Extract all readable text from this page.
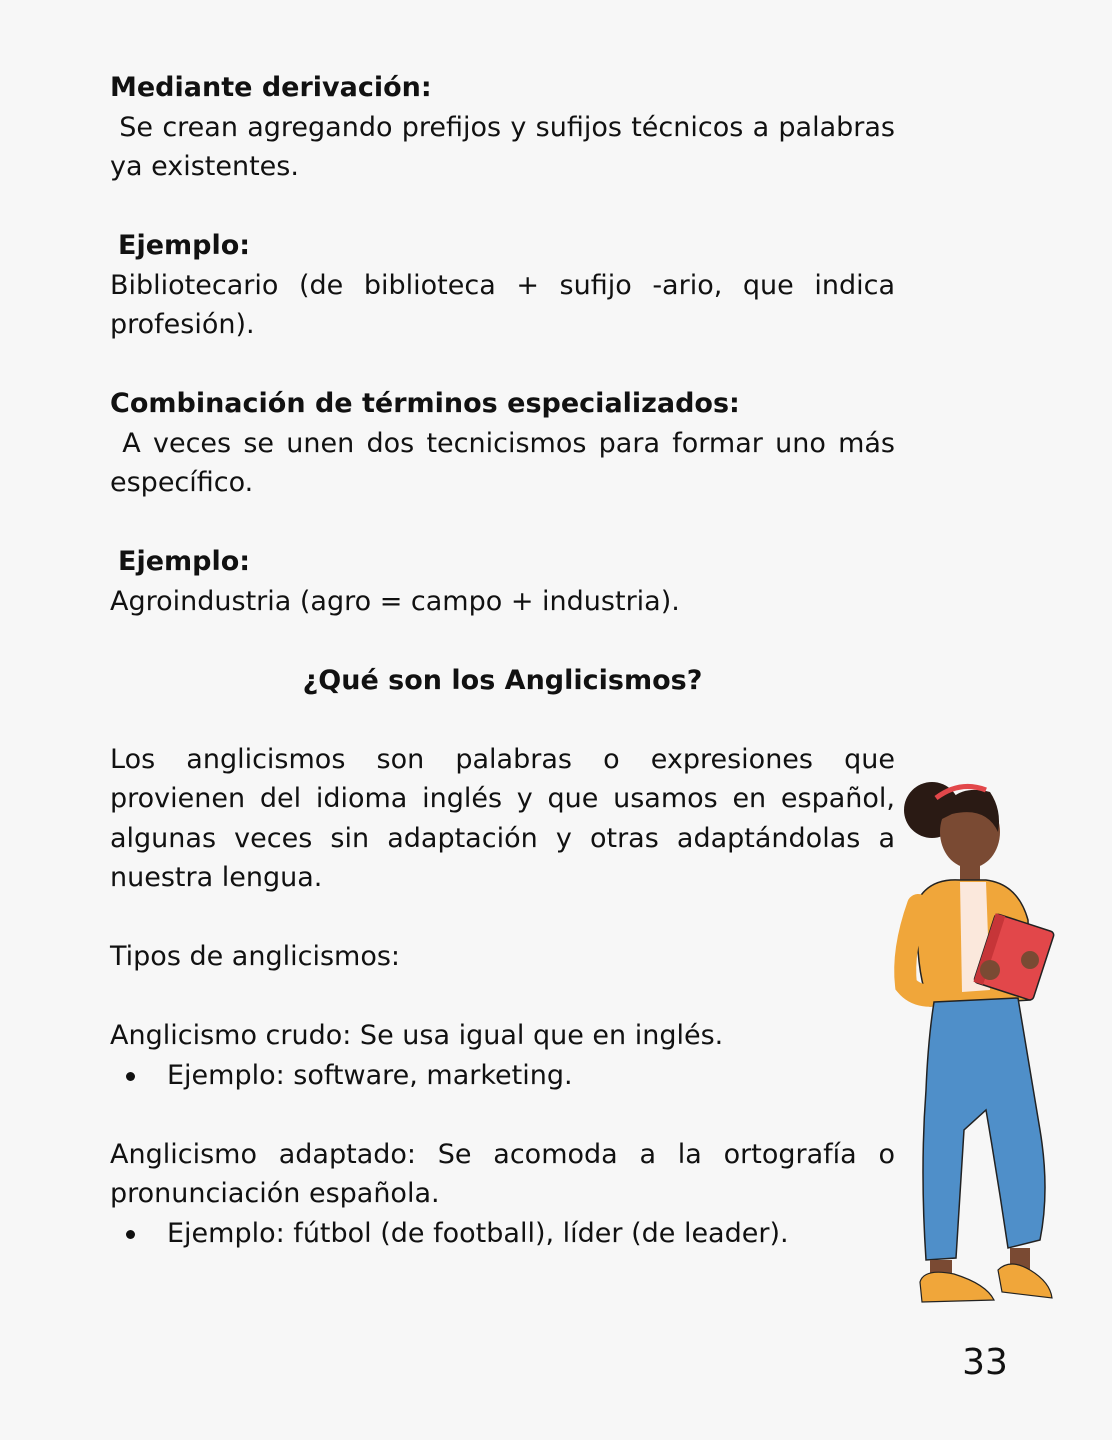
Mediante derivación:

Se crean agregando prefijos y sufijos técnicos a palabras ya existentes.

Ejemplo:

Bibliotecario (de biblioteca + sufijo -ario, que indica profesión).

Combinación de términos especializados:

A veces se unen dos tecnicismos para formar uno más específico.

Ejemplo:

Agroindustria (agro = campo + industria).

¿Qué son los Anglicismos?

Los anglicismos son palabras o expresiones que provienen del idioma inglés y que usamos en español, algunas veces sin adaptación y otras adaptándolas a nuestra lengua.

Tipos de anglicismos:

Anglicismo crudo: Se usa igual que en inglés.

Ejemplo: software, marketing.

Anglicismo adaptado: Se acomoda a la ortografía o pronunciación española.

Ejemplo: fútbol (de football), líder (de leader).
33
